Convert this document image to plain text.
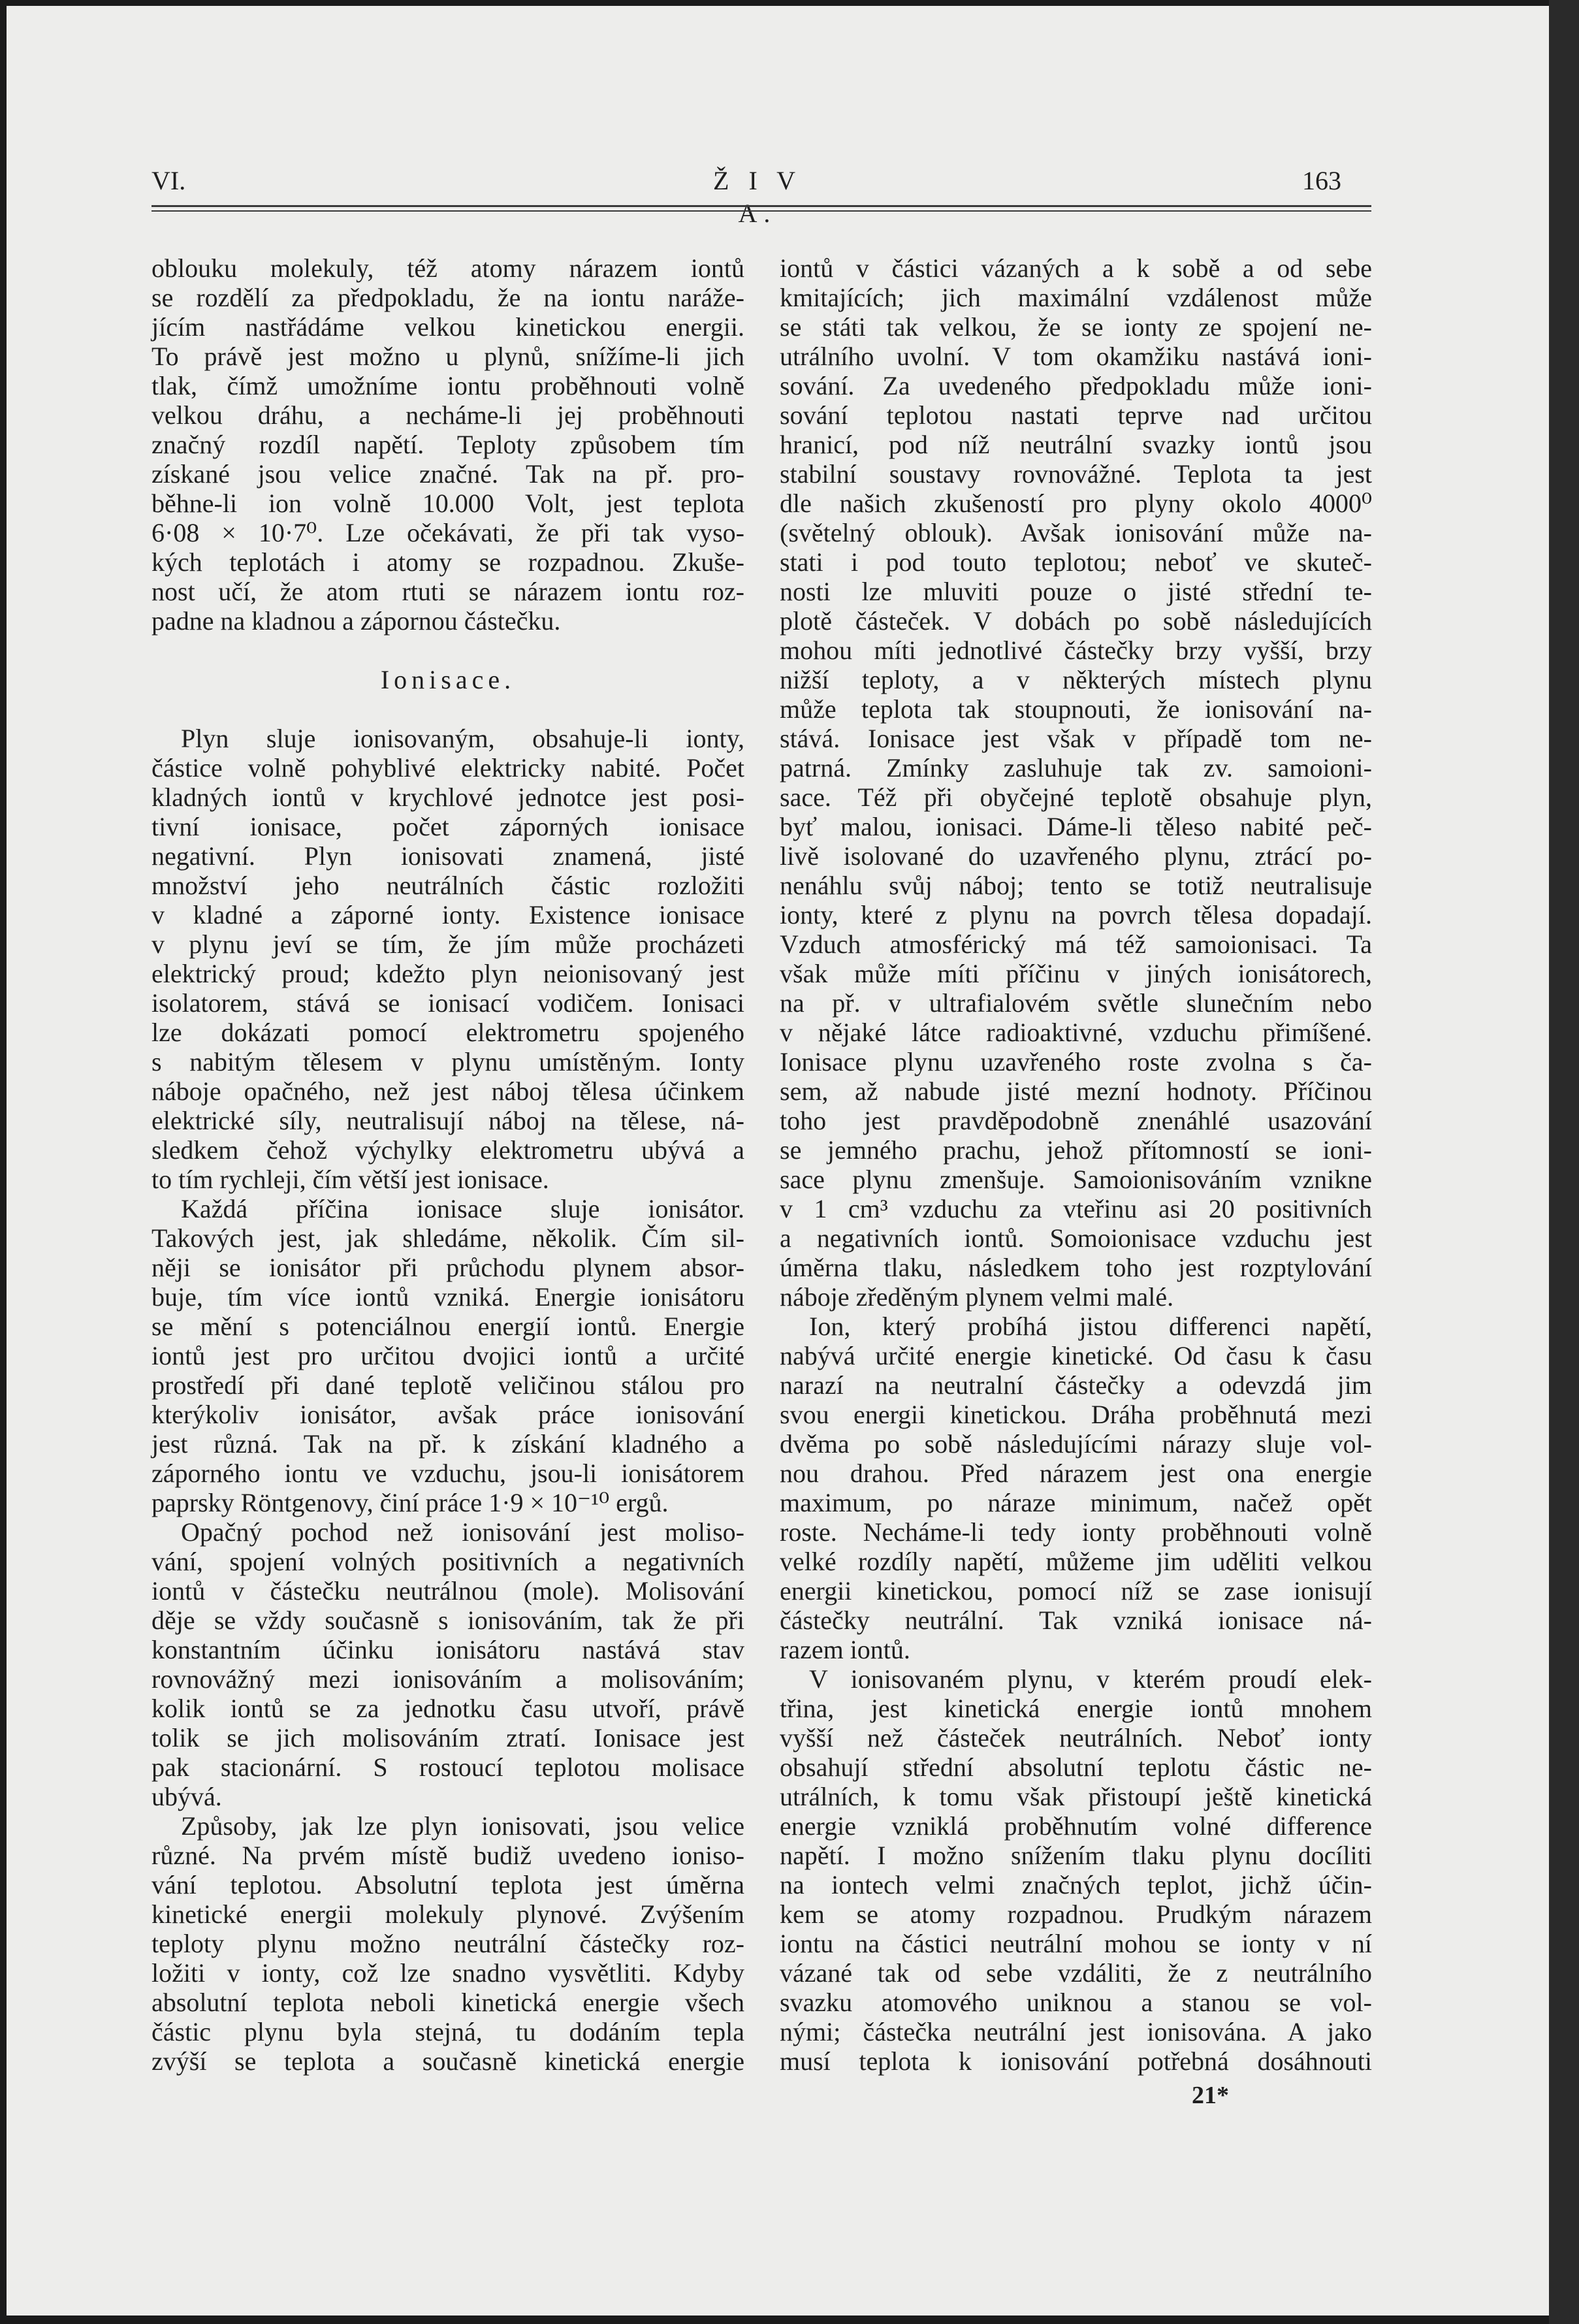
VI.	Ž I V A.
163
oblouku molekuly, též atomy nárazem iontů
se rozdělí za předpokladu, že na iontu naráže-
jícím nastřádáme velkou kinetickou energii.
To právě jest možno u plynů, snížíme-li jich
tlak, čímž umožníme iontu proběhnouti volně
velkou dráhu, a necháme-li jej proběhnouti
značný rozdíl napětí. Teploty způsobem tím
získané jsou velice značné. Tak na př. pro-
běhne-li ion volně 10.000 Volt, jest teplota
6·08 × 10·7⁰. Lze očekávati, že při tak vyso-
kých teplotách i atomy se rozpadnou. Zkuše-
nost učí, že atom rtuti se nárazem iontu roz-
padne na kladnou a zápornou částečku.
Ionisace.
Plyn sluje ionisovaným, obsahuje-li ionty,
částice volně pohyblivé elektricky nabité. Počet
kladných iontů v krychlové jednotce jest posi-
tivní ionisace, počet záporných ionisace
negativní. Plyn ionisovati znamená, jisté
množství jeho neutrálních částic rozložiti
v kladné a záporné ionty. Existence ionisace
v plynu jeví se tím, že jím může procházeti
elektrický proud; kdežto plyn neionisovaný jest
isolatorem, stává se ionisací vodičem. Ionisaci
lze dokázati pomocí elektrometru spojeného
s nabitým tělesem v plynu umístěným. Ionty
náboje opačného, než jest náboj tělesa účinkem
elektrické síly, neutralisují náboj na tělese, ná-
sledkem čehož výchylky elektrometru ubývá a
to tím rychleji, čím větší jest ionisace.
Každá příčina ionisace sluje ionisátor.
Takových jest, jak shledáme, několik. Čím sil-
něji se ionisátor při průchodu plynem absor-
buje, tím více iontů vzniká. Energie ionisátoru
se mění s potenciálnou energií iontů. Energie
iontů jest pro určitou dvojici iontů a určité
prostředí při dané teplotě veličinou stálou pro
kterýkoliv ionisátor, avšak práce ionisování
jest různá. Tak na př. k získání kladného a
záporného iontu ve vzduchu, jsou-li ionisátorem
paprsky Röntgenovy, činí práce 1·9 × 10⁻¹⁰ ergů.
Opačný pochod než ionisování jest moliso-
vání, spojení volných positivních a negativních
iontů v částečku neutrálnou (mole). Molisování
děje se vždy současně s ionisováním, tak že při
konstantním účinku ionisátoru nastává stav
rovnovážný mezi ionisováním a molisováním;
kolik iontů se za jednotku času utvoří, právě
tolik se jich molisováním ztratí. Ionisace jest
pak stacionární. S rostoucí teplotou molisace
ubývá.
Způsoby, jak lze plyn ionisovati, jsou velice
různé. Na prvém místě budiž uvedeno ioniso-
vání teplotou. Absolutní teplota jest úměrna
kinetické energii molekuly plynové. Zvýšením
teploty plynu možno neutrální částečky roz-
ložiti v ionty, což lze snadno vysvětliti. Kdyby
absolutní teplota neboli kinetická energie všech
částic plynu byla stejná, tu dodáním tepla
zvýší se teplota a současně kinetická energie
iontů v částici vázaných a k sobě a od sebe
kmitajících; jich maximální vzdálenost může
se státi tak velkou, že se ionty ze spojení ne-
utrálního uvolní. V tom okamžiku nastává ioni-
sování. Za uvedeného předpokladu může ioni-
sování teplotou nastati teprve nad určitou
hranicí, pod níž neutrální svazky iontů jsou
stabilní soustavy rovnovážné. Teplota ta jest
dle našich zkušeností pro plyny okolo 4000⁰
(světelný oblouk). Avšak ionisování může na-
stati i pod touto teplotou; neboť ve skuteč-
nosti lze mluviti pouze o jisté střední te-
plotě částeček. V dobách po sobě následujících
mohou míti jednotlivé částečky brzy vyšší, brzy
nižší teploty, a v některých místech plynu
může teplota tak stoupnouti, že ionisování na-
stává. Ionisace jest však v případě tom ne-
patrná. Zmínky zasluhuje tak zv. samoioni-
sace. Též při obyčejné teplotě obsahuje plyn,
byť malou, ionisaci. Dáme-li těleso nabité peč-
livě isolované do uzavřeného plynu, ztrácí po-
nenáhlu svůj náboj; tento se totiž neutralisuje
ionty, které z plynu na povrch tělesa dopadají.
Vzduch atmosférický má též samoionisaci. Ta
však může míti příčinu v jiných ionisátorech,
na př. v ultrafialovém světle slunečním nebo
v nějaké látce radioaktivné, vzduchu přimíšené.
Ionisace plynu uzavřeného roste zvolna s ča-
sem, až nabude jisté mezní hodnoty. Příčinou
toho jest pravděpodobně znenáhlé usazování
se jemného prachu, jehož přítomností se ioni-
sace plynu zmenšuje. Samoionisováním vznikne
v 1 cm³ vzduchu za vteřinu asi 20 positivních
a negativních iontů. Somoionisace vzduchu jest
úměrna tlaku, následkem toho jest rozptylování
náboje zředěným plynem velmi malé.
Ion, který probíhá jistou differenci napětí,
nabývá určité energie kinetické. Od času k času
narazí na neutralní částečky a odevzdá jim
svou energii kinetickou. Dráha proběhnutá mezi
dvěma po sobě následujícími nárazy sluje vol-
nou drahou. Před nárazem jest ona energie
maximum, po náraze minimum, načež opět
roste. Necháme-li tedy ionty proběhnouti volně
velké rozdíly napětí, můžeme jim uděliti velkou
energii kinetickou, pomocí níž se zase ionisují
částečky neutrální. Tak vzniká ionisace ná-
razem iontů.
V ionisovaném plynu, v kterém proudí elek-
třina, jest kinetická energie iontů mnohem
vyšší než částeček neutrálních. Neboť ionty
obsahují střední absolutní teplotu částic ne-
utrálních, k tomu však přistoupí ještě kinetická
energie vzniklá proběhnutím volné difference
napětí. I možno snížením tlaku plynu docíliti
na iontech velmi značných teplot, jichž účin-
kem se atomy rozpadnou. Prudkým nárazem
iontu na částici neutrální mohou se ionty v ní
vázané tak od sebe vzdáliti, že z neutrálního
svazku atomového uniknou a stanou se vol-
nými; částečka neutrální jest ionisována. A jako
musí teplota k ionisování potřebná dosáhnouti
21*
